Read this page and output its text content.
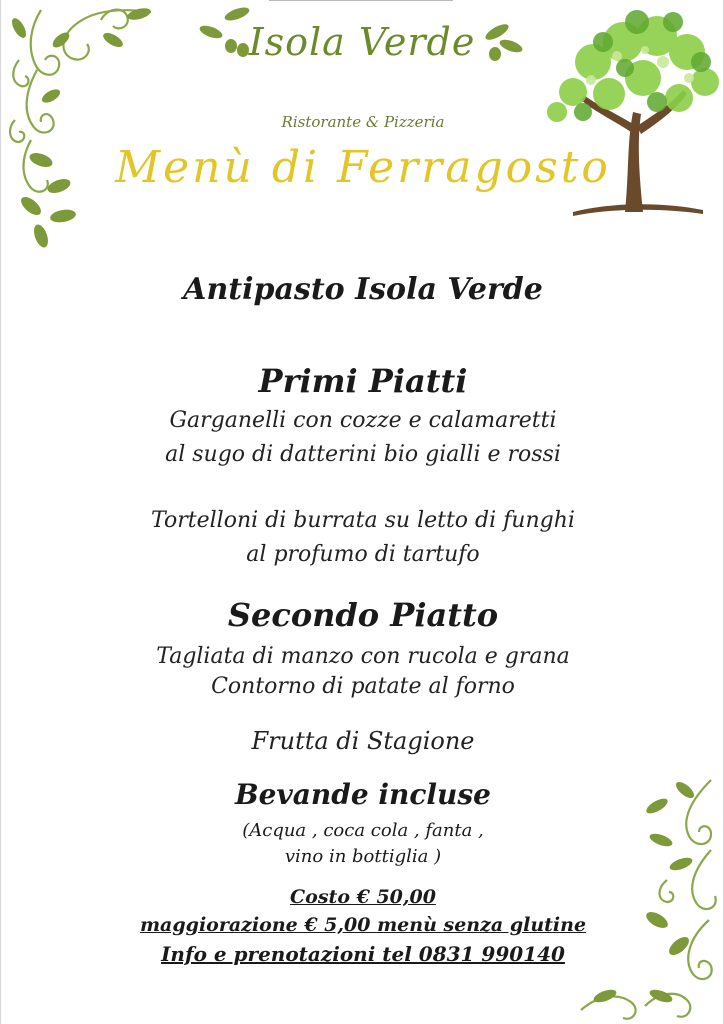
Isola Verde
Ristorante & Pizzeria
Menù di Ferragosto
Antipasto Isola Verde
Primi Piatti
Garganelli con cozze e calamaretti
al sugo di datterini bio gialli e rossi
Tortelloni di burrata su letto di funghi
al profumo di tartufo
Secondo Piatto
Tagliata di manzo con rucola e grana
Contorno di patate al forno
Frutta di Stagione
Bevande incluse
(Acqua , coca cola , fanta ,
vino in bottiglia )
Costo € 50,00
maggiorazione € 5,00 menù senza glutine
Info e prenotazioni tel 0831 990140
